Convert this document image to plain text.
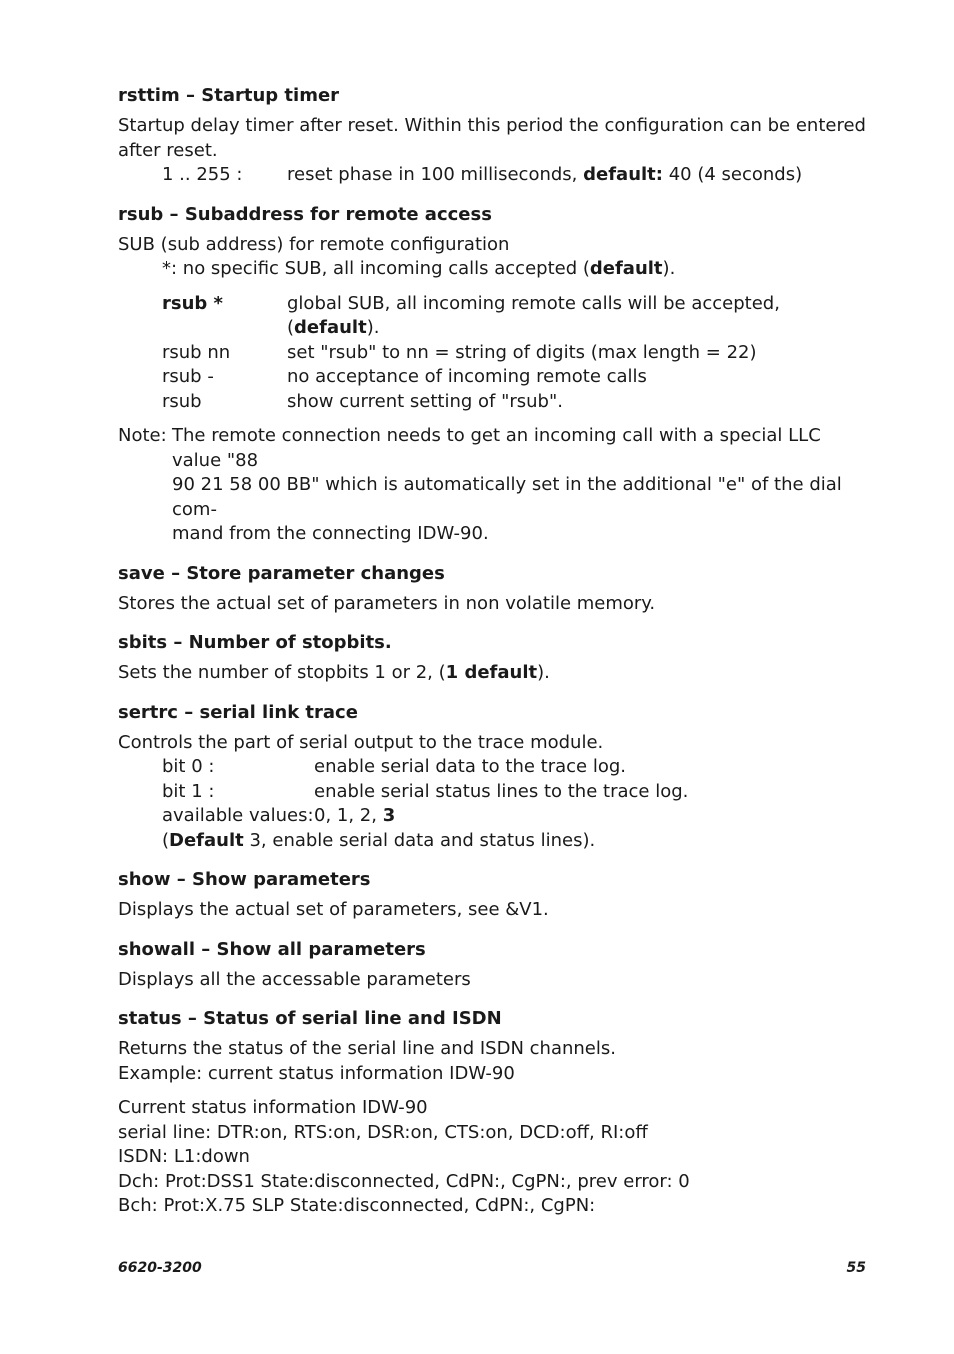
rsttim – Startup timer

Startup delay timer after reset. Within this period the configuration can be entered after reset.

1 .. 255 :	reset phase in 100 milliseconds, default: 40 (4 seconds)
rsub – Subaddress for remote access

SUB (sub address) for remote configuration

*: no specific SUB, all incoming calls accepted (default).

rsub *	global SUB, all incoming remote calls will be accepted, (default).
rsub nn	set "rsub" to nn = string of digits (max length = 22)
rsub -	no acceptance of incoming remote calls
rsub	show current setting of "rsub".
Note: The remote connection needs to get an incoming call with a special LLC value "88
90 21 58 00 BB" which is automatically set in the additional "e" of the dial com-
mand from the connecting IDW-90.
save – Store parameter changes

Stores the actual set of parameters in non volatile memory.

sbits – Number of stopbits.

Sets the number of stopbits 1 or 2, (1 default).

sertrc – serial link trace

Controls the part of serial output to the trace module.

bit 0 :	enable serial data to the trace log.
bit 1 :	enable serial status lines to the trace log.
available values: 0, 1, 2, 3

(Default 3, enable serial data and status lines).

show – Show parameters

Displays the actual set of parameters, see &V1.

showall – Show all parameters

Displays all the accessable parameters

status – Status of serial line and ISDN

Returns the status of the serial line and ISDN channels.

Example: current status information IDW-90

Current status information IDW-90

serial line: DTR:on, RTS:on, DSR:on, CTS:on, DCD:off, RI:off

ISDN: L1:down

Dch: Prot:DSS1 State:disconnected, CdPN:, CgPN:, prev error: 0

Bch: Prot:X.75 SLP State:disconnected, CdPN:, CgPN:

6620-3200	55
